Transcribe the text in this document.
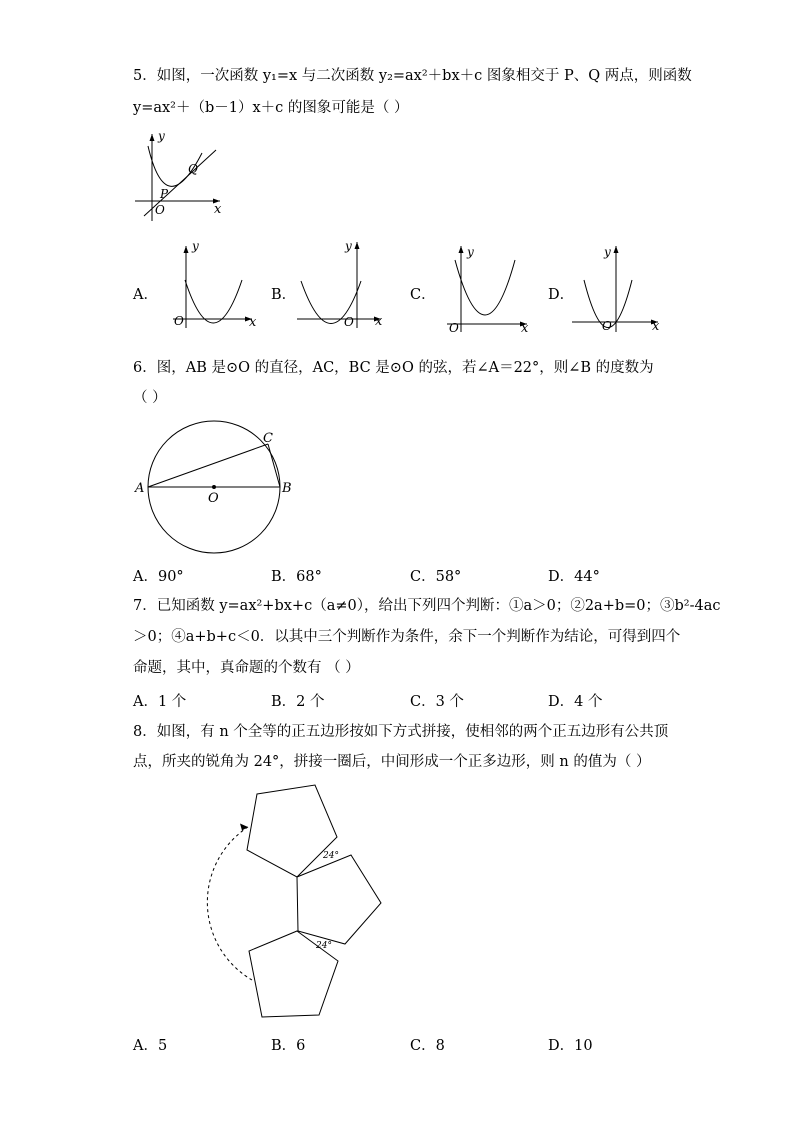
5．如图，一次函数 y₁=x 与二次函数 y₂=ax²＋bx＋c 图象相交于 P、Q 两点，则函数
y=ax²＋（b－1）x＋c 的图象可能是（ ）
y
x
O
P
Q
A．
y
x
O
B．
y
x
O
C．
y
x
O
D．
y
x
O
6．图，AB 是⊙O 的直径，AC，BC 是⊙O 的弦，若∠A＝22°，则∠B 的度数为
（ ）
A	B
C
O
A．90°	B．68°	C．58°	D．44°
7．已知函数 y=ax²+bx+c（a≠0），给出下列四个判断：①a＞0；②2a+b=0；③b²-4ac
＞0；④a+b+c＜0．以其中三个判断作为条件，余下一个判断作为结论，可得到四个
命题，其中，真命题的个数有 （ ）
A．1 个	B．2 个	C．3 个	D．4 个
8．如图，有 n 个全等的正五边形按如下方式拼接，使相邻的两个正五边形有公共顶
点，所夹的锐角为 24°，拼接一圈后，中间形成一个正多边形，则 n 的值为（ ）
24°
24°
A．5	B．6	C．8	D．10
